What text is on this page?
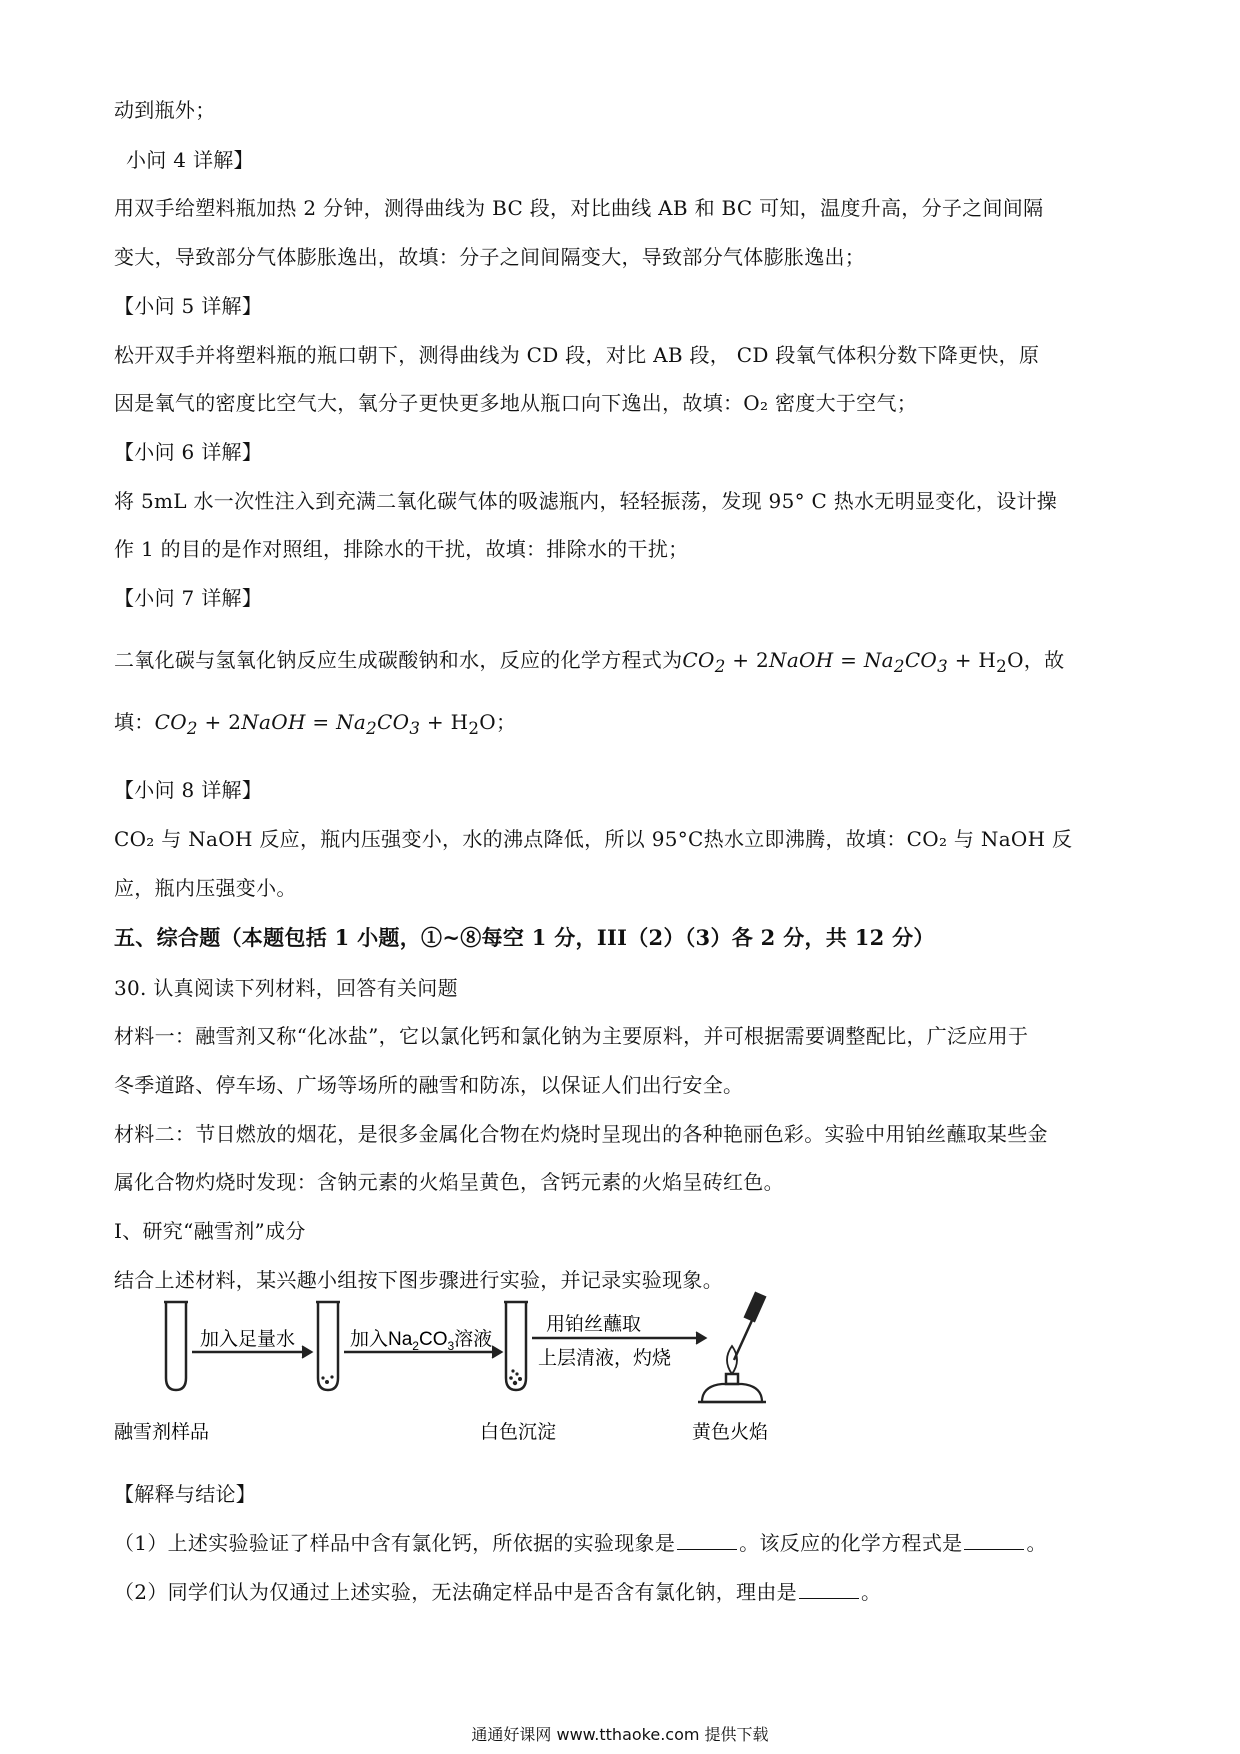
动到瓶外；
小问 4 详解】
用双手给塑料瓶加热 2 分钟，测得曲线为 BC 段，对比曲线 AB 和 BC 可知，温度升高，分子之间间隔
变大，导致部分气体膨胀逸出，故填：分子之间间隔变大，导致部分气体膨胀逸出；
【小问 5 详解】
松开双手并将塑料瓶的瓶口朝下，测得曲线为 CD 段，对比 AB 段， CD 段氧气体积分数下降更快，原
因是氧气的密度比空气大，氧分子更快更多地从瓶口向下逸出，故填：O₂ 密度大于空气；
【小问 6 详解】
将 5mL 水一次性注入到充满二氧化碳气体的吸滤瓶内，轻轻振荡，发现 95° C 热水无明显变化，设计操
作 1 的目的是作对照组，排除水的干扰，故填：排除水的干扰；
【小问 7 详解】
二氧化碳与氢氧化钠反应生成碳酸钠和水，反应的化学方程式为$CO_2$ + 2NaOH = $Na_2CO_3 + H_2O$，故
填：$CO_2$ + 2NaOH = $Na_2CO_3 + H_2O$；
【小问 8 详解】
CO₂ 与 NaOH 反应，瓶内压强变小，水的沸点降低，所以 95°C热水立即沸腾，故填：CO₂ 与 NaOH 反
应，瓶内压强变小。
五、综合题（本题包括 1 小题，①~⑧每空 1 分，III（2）（3）各 2 分，共 12 分）
30. 认真阅读下列材料，回答有关问题
材料一：融雪剂又称“化冰盐”，它以氯化钙和氯化钠为主要原料，并可根据需要调整配比，广泛应用于
冬季道路、停车场、广场等场所的融雪和防冻，以保证人们出行安全。
材料二：节日燃放的烟花，是很多金属化合物在灼烧时呈现出的各种艳丽色彩。实验中用铂丝蘸取某些金
属化合物灼烧时发现：含钠元素的火焰呈黄色，含钙元素的火焰呈砖红色。
I、研究“融雪剂”成分
结合上述材料，某兴趣小组按下图步骤进行实验，并记录实验现象。
加入足量水	加入$Na_2CO_3$溶液
用铂丝蘸取
上层清液，灼烧
融雪剂样品	白色沉淀	黄色火焰
【解释与结论】
（1）上述实验验证了样品中含有氯化钙，所依据的实验现象是	。该反应的化学方程式是	。
（2）同学们认为仅通过上述实验，无法确定样品中是否含有氯化钠，理由是	。
通通好课网 www.tthaoke.com 提供下载
